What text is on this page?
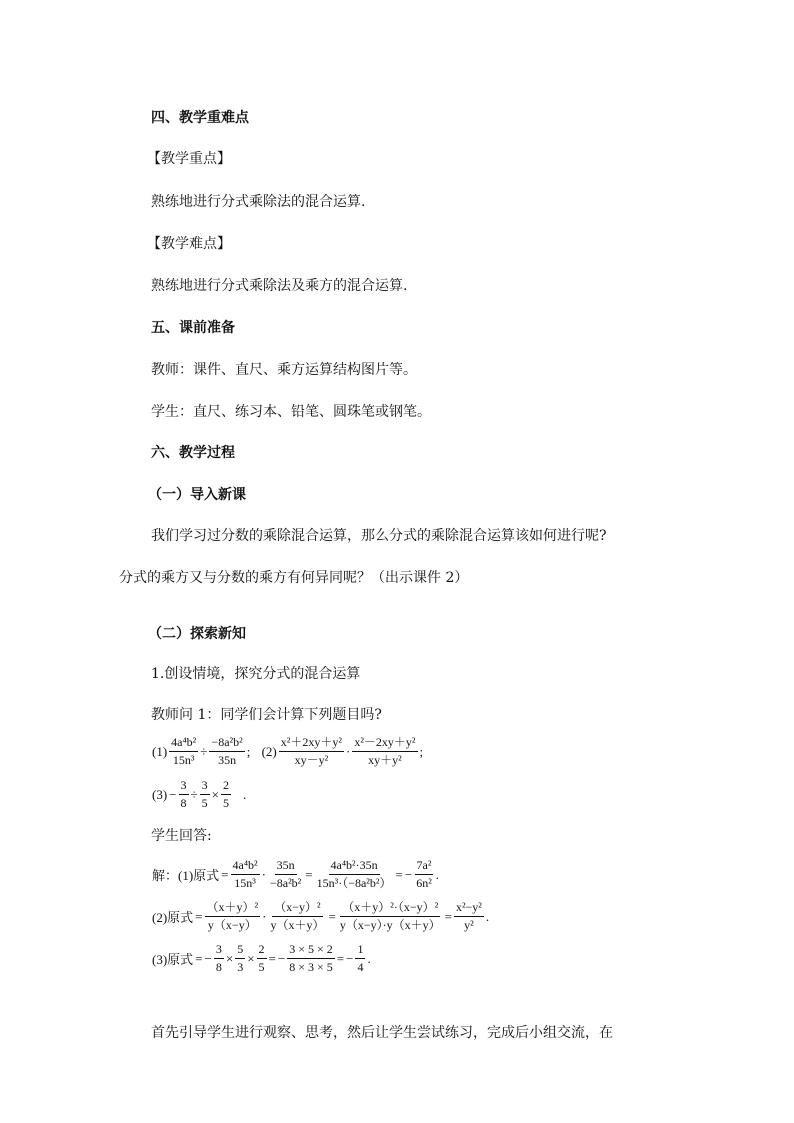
四、教学重难点
【教学重点】
熟练地进行分式乘除法的混合运算.
【教学难点】
熟练地进行分式乘除法及乘方的混合运算.
五、课前准备
教师：课件、直尺、乘方运算结构图片等。
学生：直尺、练习本、铅笔、圆珠笔或钢笔。
六、教学过程
（一）导入新课
我们学习过分数的乘除混合运算，那么分式的乘除混合运算该如何进行呢?
分式的乘方又与分数的乘方有何异同呢？（出示课件 2）
（二）探索新知
1.创设情境，探究分式的混合运算
教师问 1：同学们会计算下列题目吗?
$(1) \frac{\text{4a⁴b²}}{\text{15n³}} \div \frac{\text{−8a²b²}}{35n}$ ; $(2) \frac{\text{x²＋2xy＋y²}}{\text{xy－y²}} \cdot \frac{\text{x²－2xy＋y²}}{\text{xy＋y²}}$ ;
$(3) - \frac{3}{8} \div \frac{3}{5} \times \frac{2}{5}$ .
学生回答:
解：(1)原式 = $\frac{\text{4a⁴b²}}{\text{15n³}} \cdot \frac{35n}{\text{−8a²b²}} = \frac{\text{4a⁴b²·35n}}{\text{15n³·（−8a²b²）}}$ = − $\frac{\text{7a²}}{\text{6n²}}$ .
(2)原式 = $\frac{\text{（x＋y）²}}{y(x-y)} \cdot \frac{\text{（x−y）²}}{y(x+y)} = \frac{\text{（x＋y）²·（x−y）²}}{y(x-y)\cdot y(x+y)} = \frac{\text{x²−y²}}{\text{y²}}$ .
(3)原式 = − $\frac{3}{8} \times \frac{5}{3} \times \frac{2}{5}$ = − $\frac{3 \times 5 \times 2}{8 \times 3 \times 5}$ = − $\frac{1}{4}$ .
首先引导学生进行观察、思考，然后让学生尝试练习，完成后小组交流，在
